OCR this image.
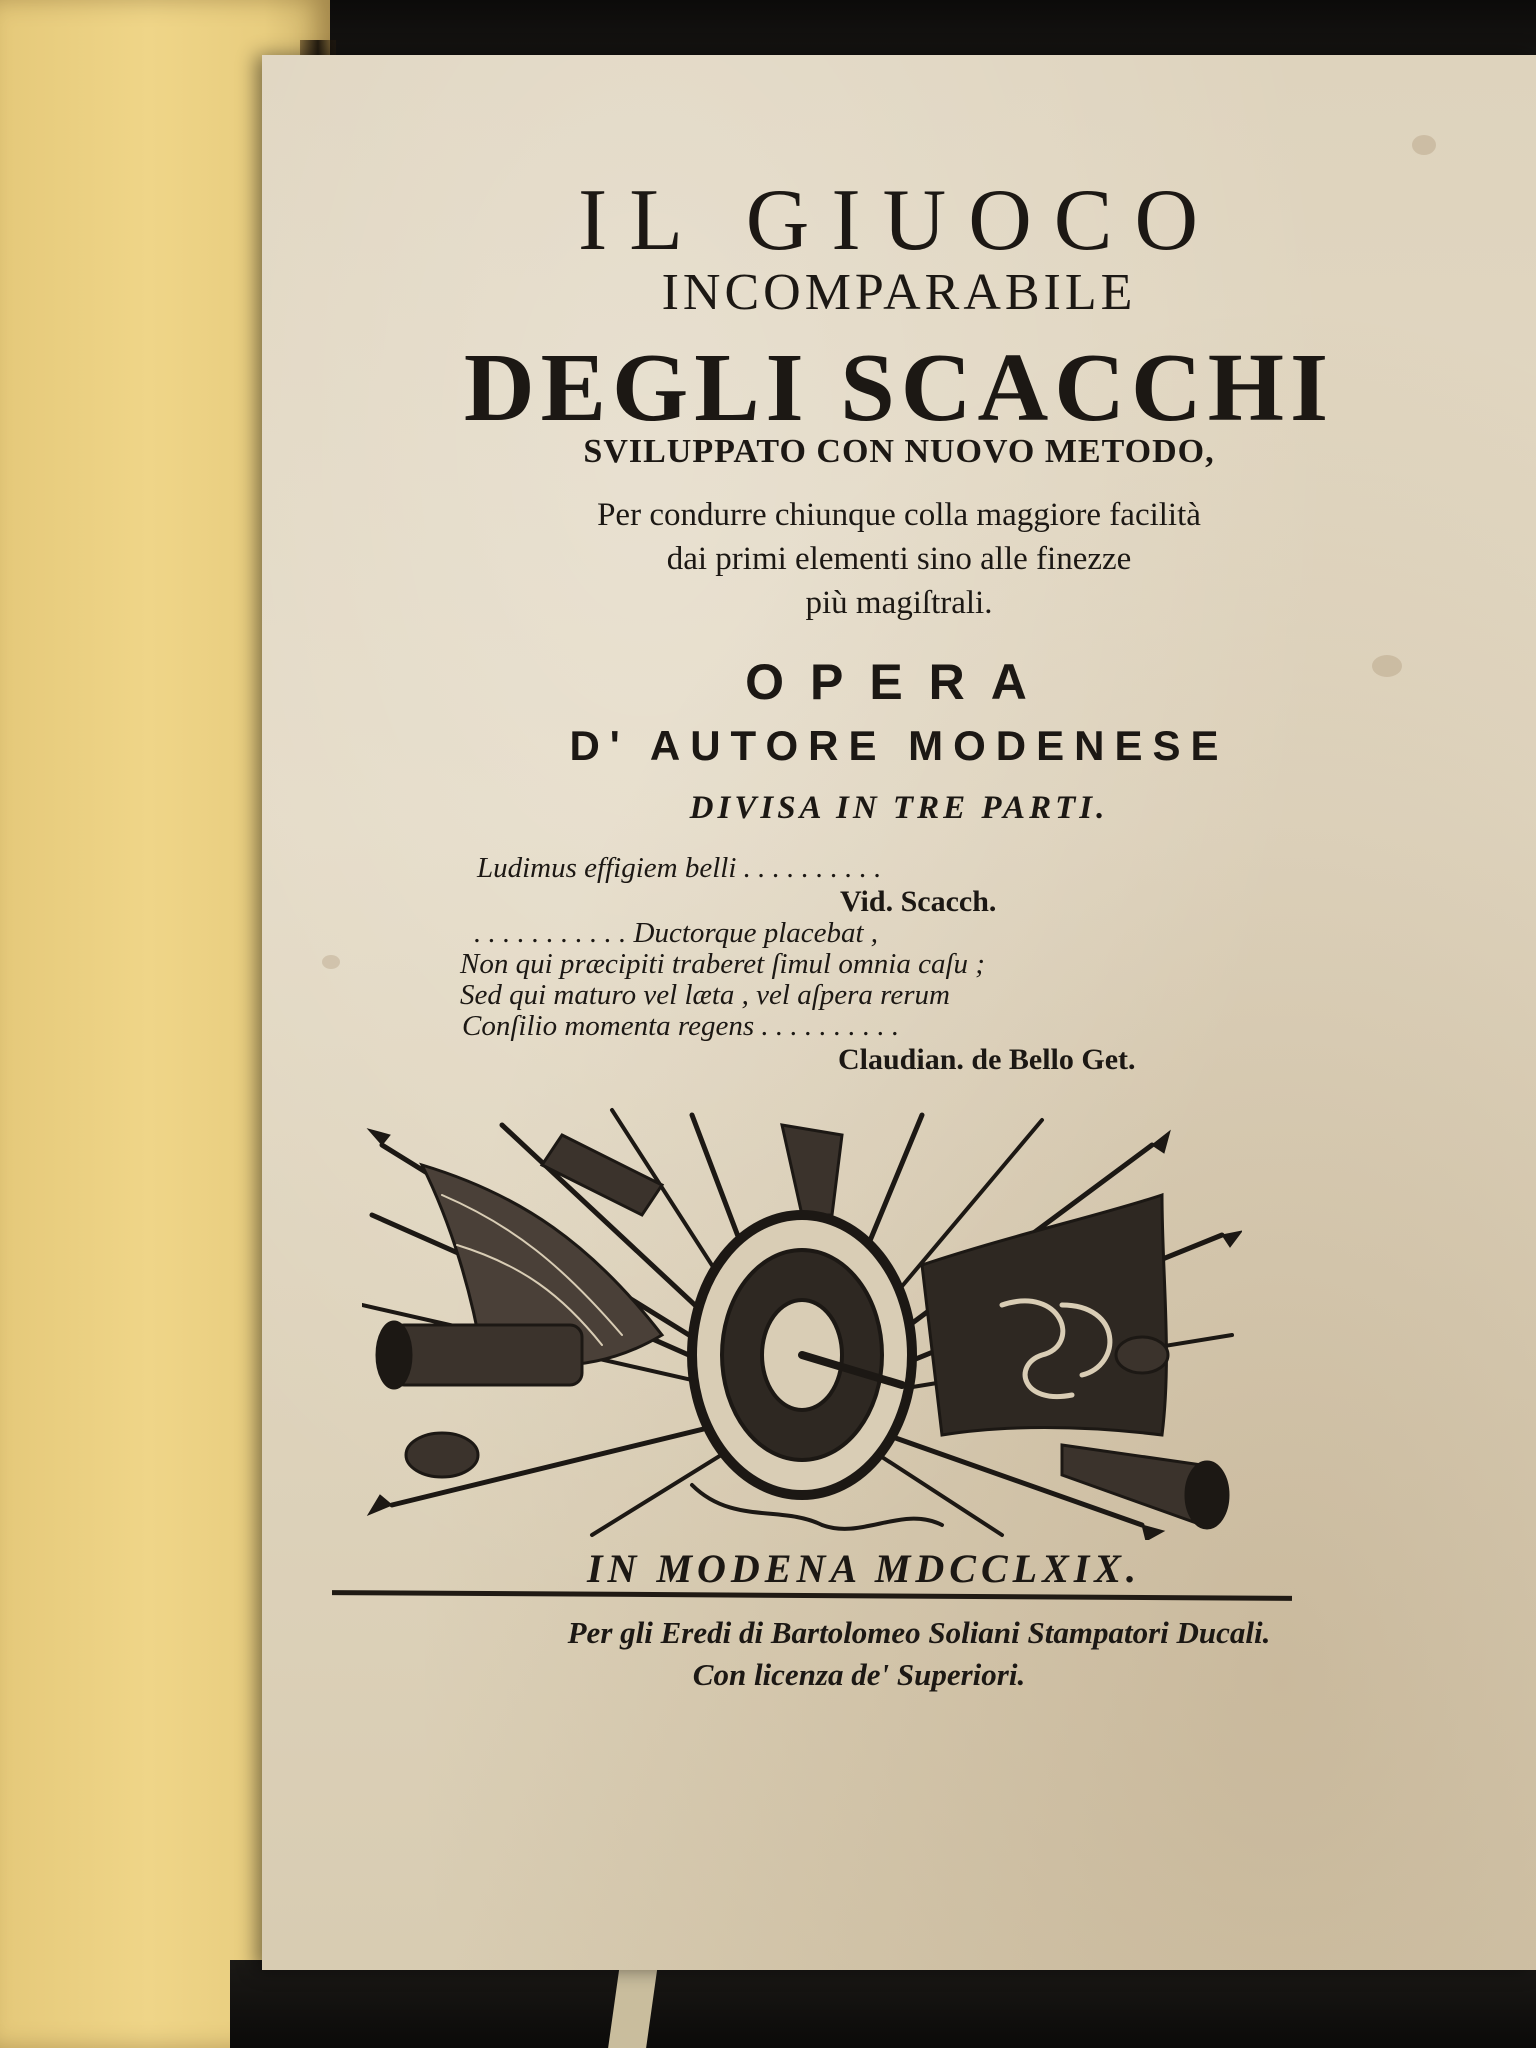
IL GIUOCO
INCOMPARABILE
DEGLI SCACCHI
SVILUPPATO CON NUOVO METODO,
Per condurre chiunque colla maggiore facilità
dai primi elementi sino alle finezze
più magiſtrali.
OPERA
D' AUTORE MODENESE
DIVISA IN TRE PARTI.
Ludimus effigiem belli . . . . . . . . . .
Vid. Scacch.
. . . . . . . . . . . Ductorque placebat ,
Non qui præcipiti traberet ſimul omnia caſu ;
Sed qui maturo vel læta , vel aſpera rerum
Conſilio momenta regens . . . . . . . . . .
Claudian. de Bello Get.
IN MODENA MDCCLXIX.
Per gli Eredi di Bartolomeo Soliani Stampatori Ducali.
Con licenza de' Superiori.
